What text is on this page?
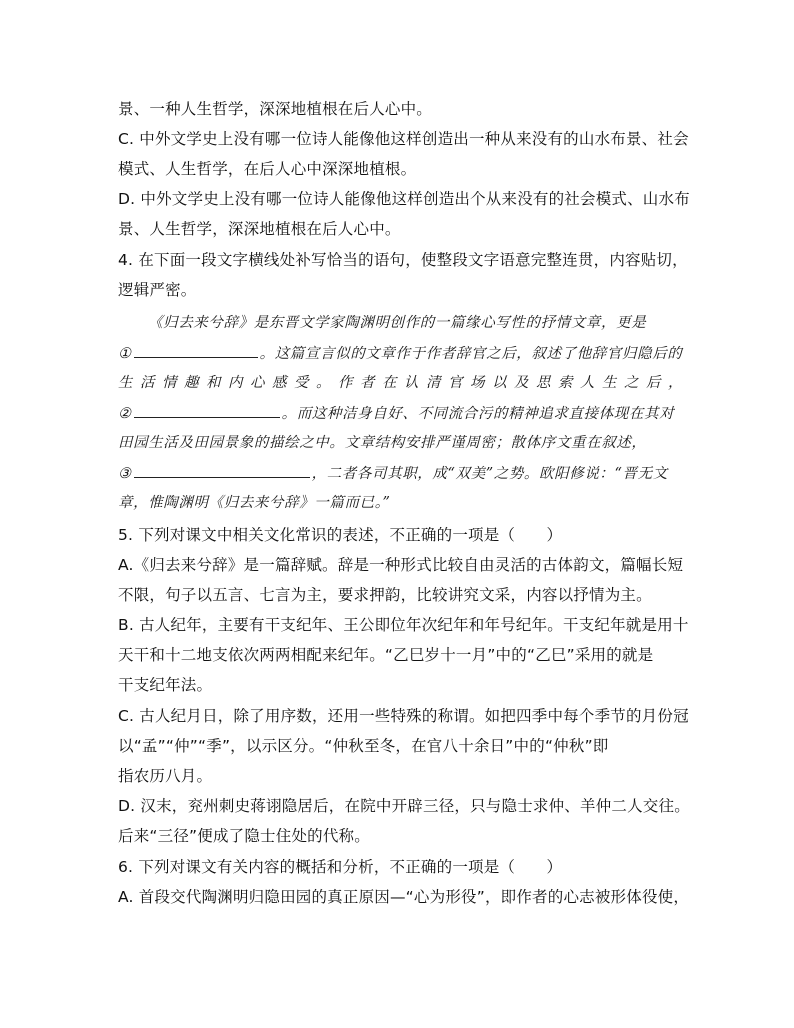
景、一种人生哲学，深深地植根在后人心中。
C. 中外文学史上没有哪一位诗人能像他这样创造出一种从来没有的山水布景、社会
模式、人生哲学，在后人心中深深地植根。
D. 中外文学史上没有哪一位诗人能像他这样创造出个从来没有的社会模式、山水布
景、人生哲学，深深地植根在后人心中。
4. 在下面一段文字横线处补写恰当的语句，使整段文字语意完整连贯，内容贴切，
逻辑严密。
《归去来兮辞》是东晋文学家陶渊明创作的一篇缘心写性的抒情文章，更是
①	。这篇宣言似的文章作于作者辞官之后，叙述了他辞官归隐后的
生活情趣和内心感受。作者在认清官场以及思索人生之后，
②	。而这种洁身自好、不同流合污的精神追求直接体现在其对
田园生活及田园景象的描绘之中。文章结构安排严谨周密；散体序文重在叙述，
③	，二者各司其职，成“双美”之势。欧阳修说：“晋无文
章，惟陶渊明《归去来兮辞》一篇而已。”
5. 下列对课文中相关文化常识的表述，不正确的一项是（　　）
A.《归去来兮辞》是一篇辞赋。辞是一种形式比较自由灵活的古体韵文，篇幅长短
不限，句子以五言、七言为主，要求押韵，比较讲究文采，内容以抒情为主。
B. 古人纪年，主要有干支纪年、王公即位年次纪年和年号纪年。干支纪年就是用十
天干和十二地支依次两两相配来纪年。“乙巳岁十一月”中的“乙巳”采用的就是
干支纪年法。
C. 古人纪月日，除了用序数，还用一些特殊的称谓。如把四季中每个季节的月份冠
以“孟”“仲”“季”，以示区分。“仲秋至冬，在官八十余日”中的“仲秋”即
指农历八月。
D. 汉末，兖州刺史蒋诩隐居后，在院中开辟三径，只与隐士求仲、羊仲二人交往。
后来“三径”便成了隐士住处的代称。
6. 下列对课文有关内容的概括和分析，不正确的一项是（　　）
A. 首段交代陶渊明归隐田园的真正原因—“心为形役”，即作者的心志被形体役使，
